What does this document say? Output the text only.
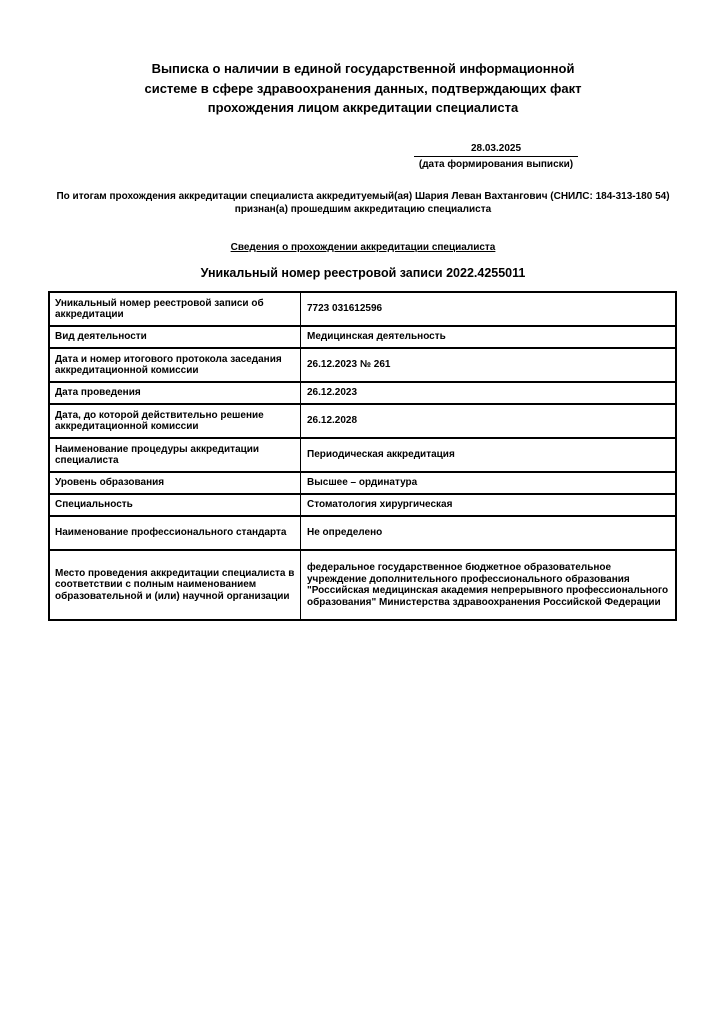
Выписка о наличии в единой государственной информационной
системе в сфере здравоохранения данных, подтверждающих факт
прохождения лицом аккредитации специалиста
28.03.2025
(дата формирования выписки)
По итогам прохождения аккредитации специалиста аккредитуемый(ая) Шария Леван Вахтангович (СНИЛС: 184-313-180 54) признан(а) прошедшим аккредитацию специалиста
Сведения о прохождении аккредитации специалиста
Уникальный номер реестровой записи 2022.4255011
Уникальный номер реестровой записи об аккредитации	7723 031612596
Вид деятельности	Медицинская деятельность
Дата и номер итогового протокола заседания аккредитационной комиссии	26.12.2023 № 261
Дата проведения	26.12.2023
Дата, до которой действительно решение аккредитационной комиссии	26.12.2028
Наименование процедуры аккредитации специалиста	Периодическая аккредитация
Уровень образования	Высшее – ординатура
Специальность	Стоматология хирургическая
Наименование профессионального стандарта	Не определено
Место проведения аккредитации специалиста в соответствии с полным наименованием образовательной и (или) научной организации	федеральное государственное бюджетное образовательное учреждение дополнительного профессионального образования "Российская медицинская академия непрерывного профессионального образования" Министерства здравоохранения Российской Федерации
